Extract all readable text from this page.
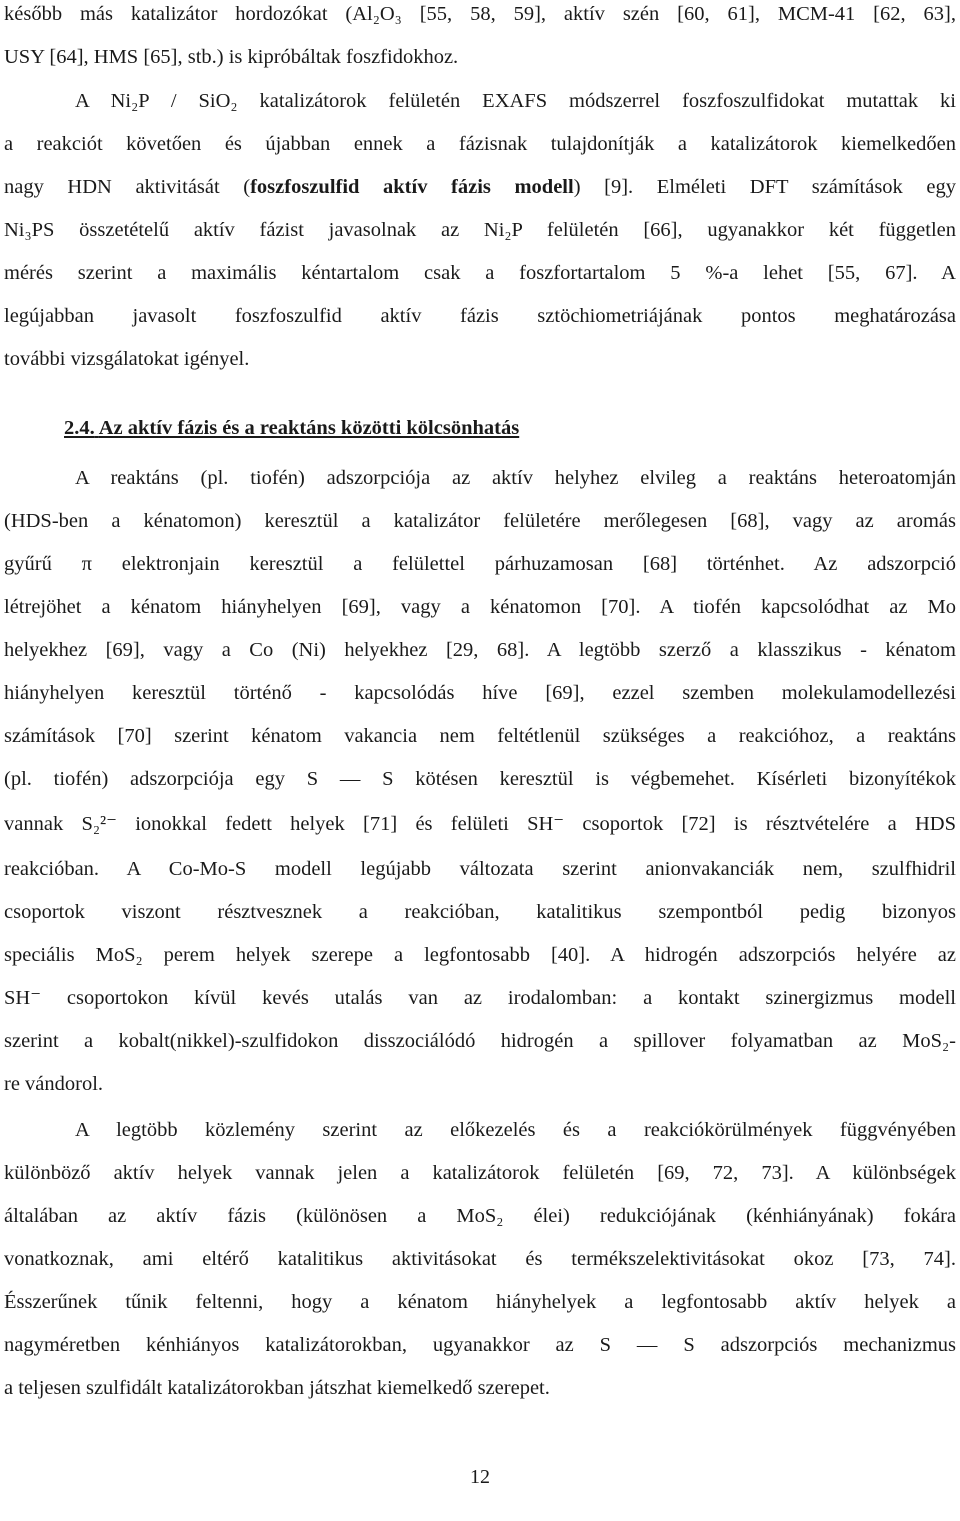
később más katalizátor hordozókat (Al₂O₃ [55, 58, 59], aktív szén [60, 61], MCM-41 [62, 63],
USY [64], HMS [65], stb.) is kipróbáltak foszfidokhoz.
A Ni₂P / SiO₂ katalizátorok felületén EXAFS módszerrel foszfoszulfidokat mutattak ki
a reakciót követően és újabban ennek a fázisnak tulajdonítják a katalizátorok kiemelkedően
nagy HDN aktivitását (foszfoszulfid aktív fázis modell) [9]. Elméleti DFT számítások egy
Ni₃PS összetételű aktív fázist javasolnak az Ni₂P felületén [66], ugyanakkor két független
mérés szerint a maximális kéntartalom csak a foszfortartalom 5 %-a lehet [55, 67]. A
legújabban javasolt foszfoszulfid aktív fázis sztöchiometriájának pontos meghatározása
további vizsgálatokat igényel.
2.4. Az aktív fázis és a reaktáns közötti kölcsönhatás
A reaktáns (pl. tiofén) adszorpciója az aktív helyhez elvileg a reaktáns heteroatomján
(HDS-ben a kénatomon) keresztül a katalizátor felületére merőlegesen [68], vagy az aromás
gyűrű π elektronjain keresztül a felülettel párhuzamosan [68] történhet. Az adszorpció
létrejöhet a kénatom hiányhelyen [69], vagy a kénatomon [70]. A tiofén kapcsolódhat az Mo
helyekhez [69], vagy a Co (Ni) helyekhez [29, 68]. A legtöbb szerző a klasszikus - kénatom
hiányhelyen keresztül történő - kapcsolódás híve [69], ezzel szemben molekulamodellezési
számítások [70] szerint kénatom vakancia nem feltétlenül szükséges a reakcióhoz, a reaktáns
(pl. tiofén) adszorpciója egy S — S kötésen keresztül is végbemehet. Kísérleti bizonyítékok
vannak S₂²⁻ ionokkal fedett helyek [71] és felületi SH⁻ csoportok [72] is résztvételére a HDS
reakcióban. A Co-Mo-S modell legújabb változata szerint anionvakanciák nem, szulfhidril
csoportok viszont résztvesznek a reakcióban, katalitikus szempontból pedig bizonyos
speciális MoS₂ perem helyek szerepe a legfontosabb [40]. A hidrogén adszorpciós helyére az
SH⁻ csoportokon kívül kevés utalás van az irodalomban: a kontakt szinergizmus modell
szerint a kobalt(nikkel)-szulfidokon disszociálódó hidrogén a spillover folyamatban az MoS₂-
re vándorol.
A legtöbb közlemény szerint az előkezelés és a reakciókörülmények függvényében
különböző aktív helyek vannak jelen a katalizátorok felületén [69, 72, 73]. A különbségek
általában az aktív fázis (különösen a MoS₂ élei) redukciójának (kénhiányának) fokára
vonatkoznak, ami eltérő katalitikus aktivitásokat és termékszelektivitásokat okoz [73, 74].
Ésszerűnek tűnik feltenni, hogy a kénatom hiányhelyek a legfontosabb aktív helyek a
nagyméretben kénhiányos katalizátorokban, ugyanakkor az S — S adszorpciós mechanizmus
a teljesen szulfidált katalizátorokban játszhat kiemelkedő szerepet.
12
